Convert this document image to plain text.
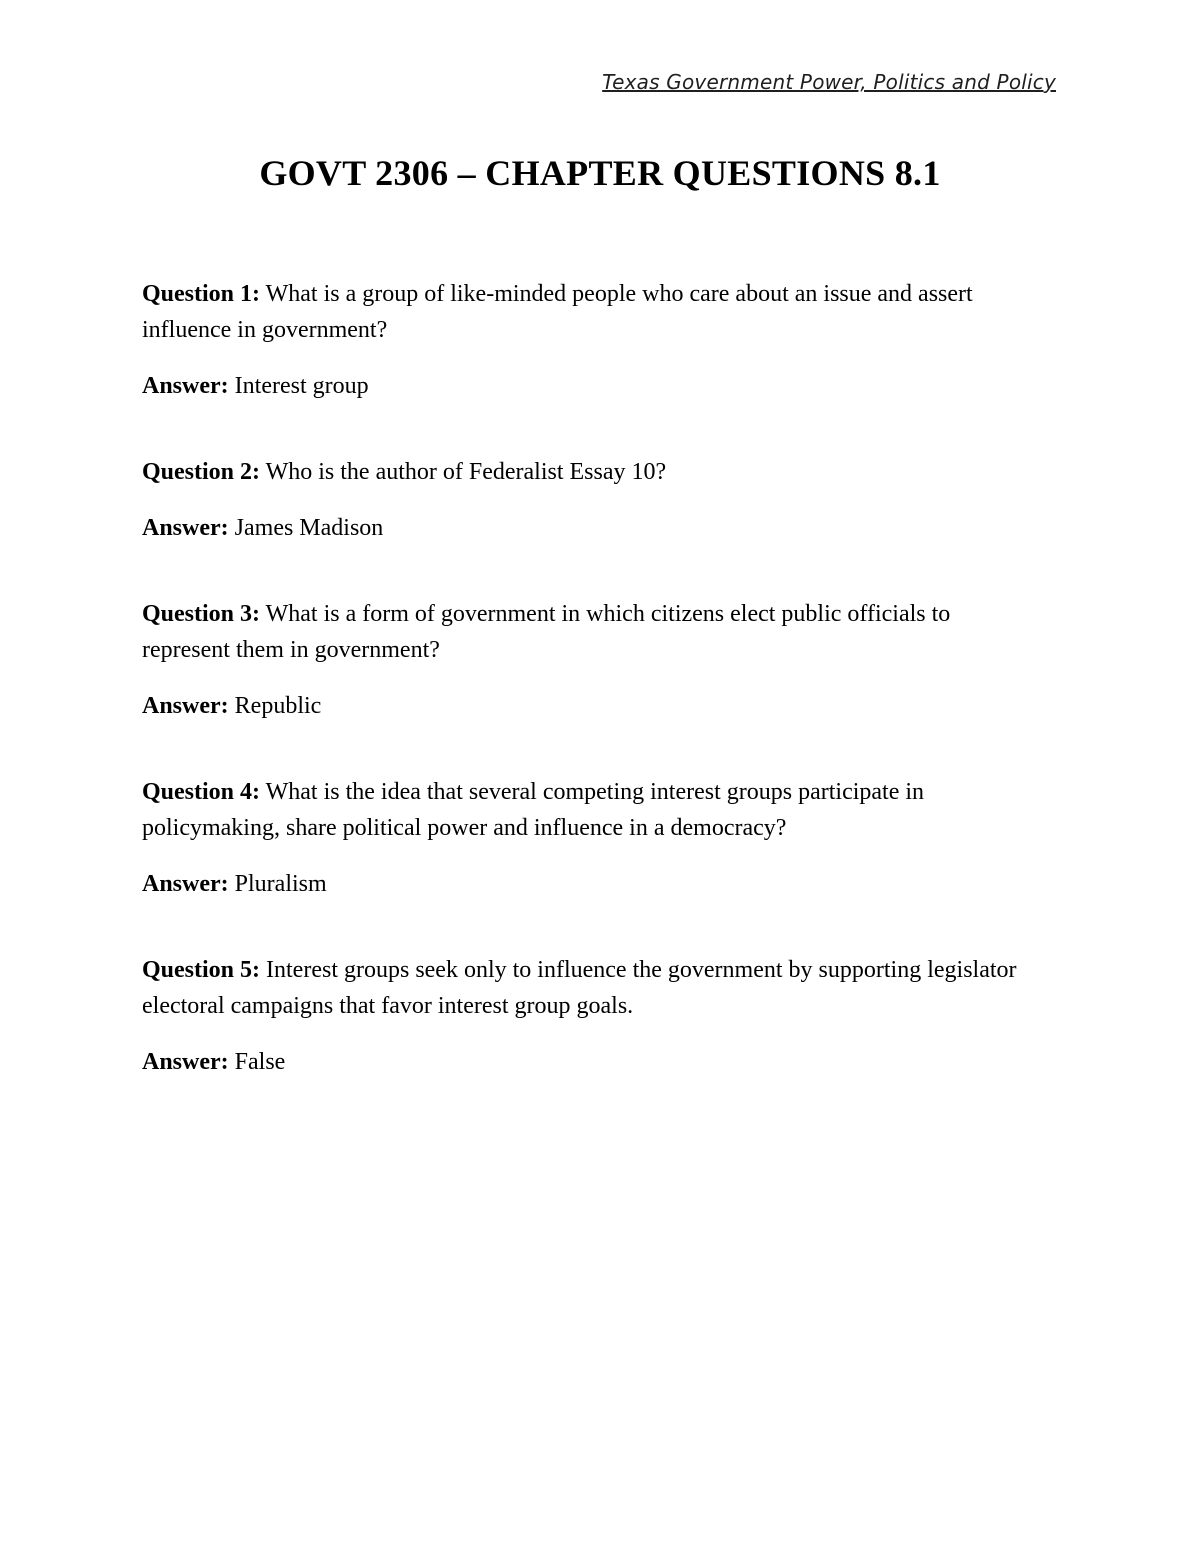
Texas Government Power, Politics and Policy
GOVT 2306 – CHAPTER QUESTIONS 8.1

Question 1: What is a group of like-minded people who care about an issue and assert influence in government?

Answer: Interest group

Question 2: Who is the author of Federalist Essay 10?

Answer: James Madison

Question 3: What is a form of government in which citizens elect public officials to represent them in government?

Answer: Republic

Question 4: What is the idea that several competing interest groups participate in policymaking, share political power and influence in a democracy?

Answer: Pluralism

Question 5: Interest groups seek only to influence the government by supporting legislator electoral campaigns that favor interest group goals.

Answer: False
